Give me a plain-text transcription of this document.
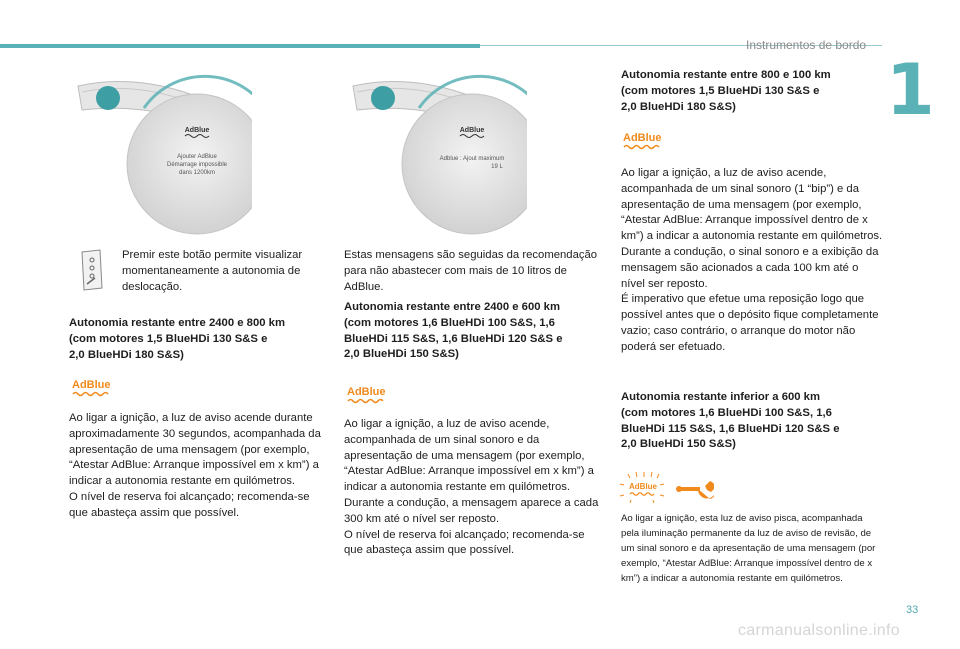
Instrumentos de bordo
1
AdBlue
Ajouter AdBlue
Démarrage impossible
dans 1200km
AdBlue
Adblue : Ajout maximum
19 L
Premir este botão permite visualizar momentaneamente a autonomia de deslocação.
Autonomia restante entre 2400 e 800 km
(com motores 1,5 BlueHDi 130 S&S e
2,0 BlueHDi 180 S&S)
AdBlue

Ao ligar a ignição, a luz de aviso acende durante aproximadamente 30 segundos, acompanhada da apresentação de uma mensagem (por exemplo, “Atestar AdBlue: Arranque impossível em x km”) a indicar a autonomia restante em quilómetros.

O nível de reserva foi alcançado; recomenda-se que abasteça assim que possível.

Estas mensagens são seguidas da recomendação para não abastecer com mais de 10 litros de AdBlue.
Autonomia restante entre 2400 e 600 km
(com motores 1,6 BlueHDi 100 S&S, 1,6
BlueHDi 115 S&S, 1,6 BlueHDi 120 S&S e
2,0 BlueHDi 150 S&S)
AdBlue

Ao ligar a ignição, a luz de aviso acende, acompanhada de um sinal sonoro e da apresentação de uma mensagem (por exemplo, “Atestar AdBlue: Arranque impossível em x km”) a indicar a autonomia restante em quilómetros.

Durante a condução, a mensagem aparece a cada 300 km até o nível ser reposto.

O nível de reserva foi alcançado; recomenda-se que abasteça assim que possível.

Autonomia restante entre 800 e 100 km
(com motores 1,5 BlueHDi 130 S&S e
2,0 BlueHDi 180 S&S)
AdBlue

Ao ligar a ignição, a luz de aviso acende, acompanhada de um sinal sonoro (1 “bip”) e da apresentação de uma mensagem (por exemplo, “Atestar AdBlue: Arranque impossível dentro de x km”) a indicar a autonomia restante em quilómetros.

Durante a condução, o sinal sonoro e a exibição da mensagem são acionados a cada 100 km até o nível ser reposto.

É imperativo que efetue uma reposição logo que possível antes que o depósito fique completamente vazio; caso contrário, o arranque do motor não poderá ser efetuado.

Autonomia restante inferior a 600 km
(com motores 1,6 BlueHDi 100 S&S, 1,6
BlueHDi 115 S&S, 1,6 BlueHDi 120 S&S e
2,0 BlueHDi 150 S&S)
AdBlue
Ao ligar a ignição, esta luz de aviso pisca, acompanhada pela iluminação permanente da luz de aviso de revisão, de um sinal sonoro e da apresentação de uma mensagem (por exemplo, “Atestar AdBlue: Arranque impossível dentro de x km”) a indicar a autonomia restante em quilómetros.
33
carmanualsonline.info
